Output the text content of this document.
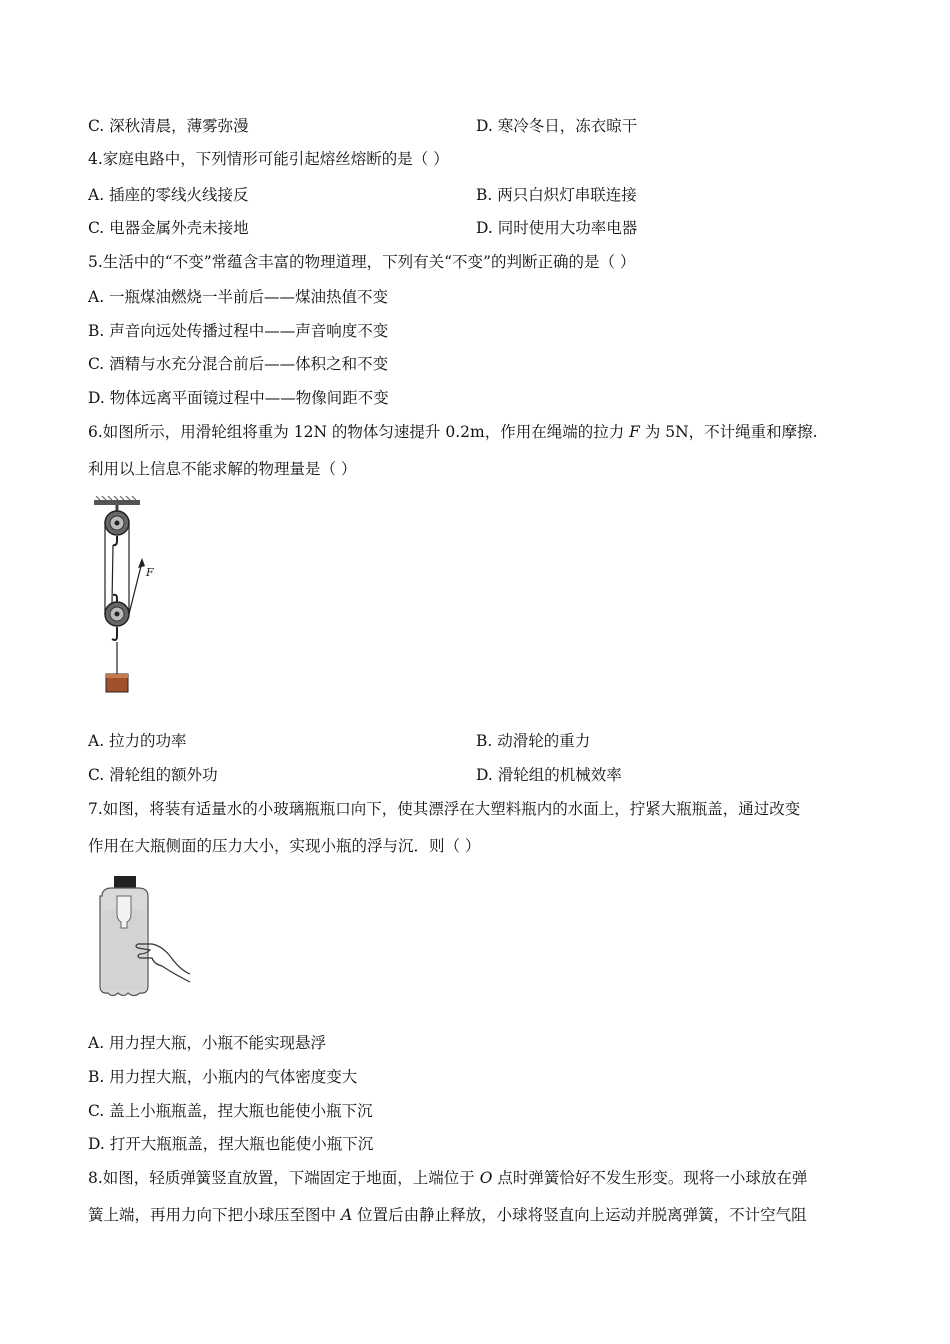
C. 深秋清晨，薄雾弥漫	D. 寒冷冬日，冻衣晾干
4.家庭电路中，下列情形可能引起熔丝熔断的是（ ）
A. 插座的零线火线接反	B. 两只白炽灯串联连接
C. 电器金属外壳未接地	D. 同时使用大功率电器
5.生活中的“不变”常蕴含丰富的物理道理，下列有关“不变”的判断正确的是（ ）
A. 一瓶煤油燃烧一半前后——煤油热值不变
B. 声音向远处传播过程中——声音响度不变
C. 酒精与水充分混合前后——体积之和不变
D. 物体远离平面镜过程中——物像间距不变
6.如图所示，用滑轮组将重为 12N 的物体匀速提升 0.2m，作用在绳端的拉力 F 为 5N，不计绳重和摩擦.
利用以上信息不能求解的物理量是（ ）
F
A. 拉力的功率	B. 动滑轮的重力
C. 滑轮组的额外功	D. 滑轮组的机械效率
7.如图，将装有适量水的小玻璃瓶瓶口向下，使其漂浮在大塑料瓶内的水面上，拧紧大瓶瓶盖，通过改变
作用在大瓶侧面的压力大小，实现小瓶的浮与沉．则（ ）
A. 用力捏大瓶，小瓶不能实现悬浮
B. 用力捏大瓶，小瓶内的气体密度变大
C. 盖上小瓶瓶盖，捏大瓶也能使小瓶下沉
D. 打开大瓶瓶盖，捏大瓶也能使小瓶下沉
8.如图，轻质弹簧竖直放置，下端固定于地面，上端位于 O 点时弹簧恰好不发生形变。现将一小球放在弹
簧上端，再用力向下把小球压至图中 A 位置后由静止释放，小球将竖直向上运动并脱离弹簧，不计空气阻
